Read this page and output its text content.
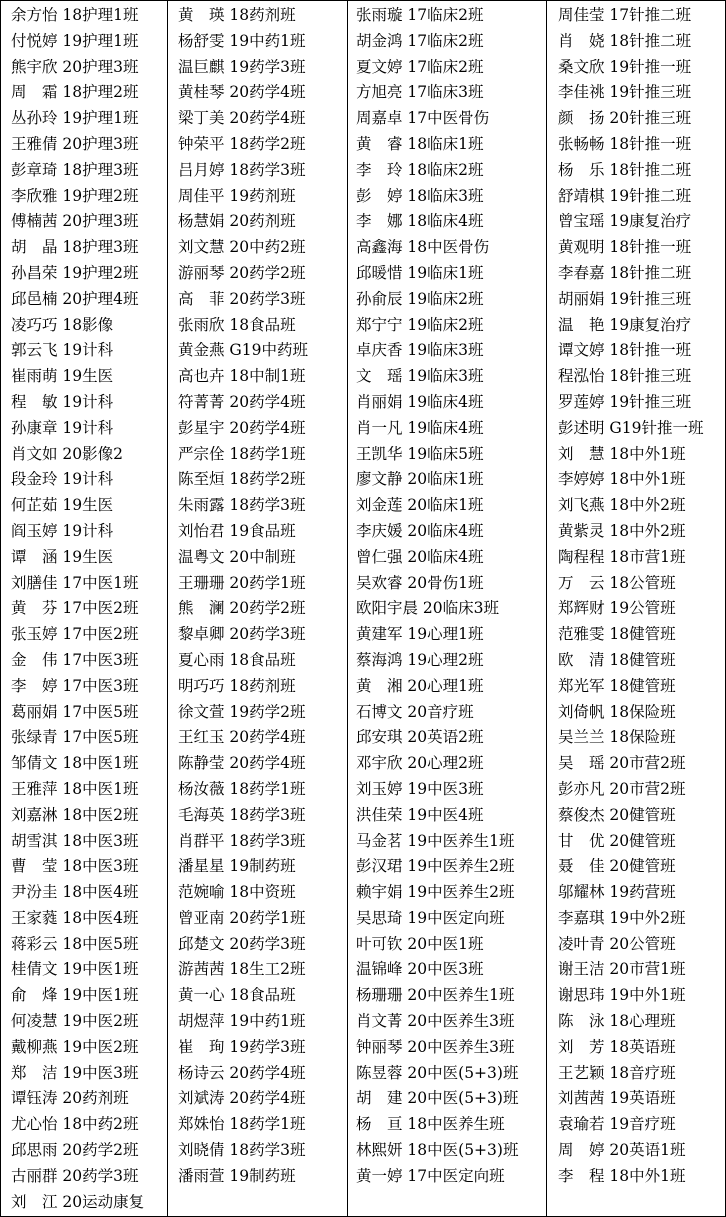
余方怡 18护理1班
付悦婷 19护理1班
熊宇欣 20护理3班
周　霜 18护理2班
丛孙玲 19护理1班
王雅倩 20护理3班
彭章琦 18护理3班
李欣雅 19护理2班
傅楠茜 20护理3班
胡　晶 18护理3班
孙昌荣 19护理2班
邱邑楠 20护理4班
凌巧巧 18影像
郭云飞 19计科
崔雨萌 19生医
程　敏 19计科
孙康章 19计科
肖文如 20影像2
段金玲 19计科
何芷茹 19生医
阎玉婷 19计科
谭　涵 19生医
刘膳佳 17中医1班
黄　芬 17中医2班
张玉婷 17中医2班
金　伟 17中医3班
李　婷 17中医3班
葛丽娟 17中医5班
张绿青 17中医5班
邹倩文 18中医1班
王雅萍 18中医1班
刘嘉淋 18中医2班
胡雪淇 18中医3班
曹　莹 18中医3班
尹汾圭 18中医4班
王家蕤 18中医4班
蒋彩云 18中医5班
桂倩文 19中医1班
俞　烽 19中医1班
何凌慧 19中医2班
戴柳燕 19中医2班
郑　洁 19中医3班
谭钰涛 20药剂班
尤心怡 18中药2班
邱思雨 20药学2班
古丽群 20药学3班
刘　江 20运动康复
黄　瑛 18药剂班
杨舒雯 19中药1班
温巨麒 19药学3班
黄桂琴 20药学4班
梁丁美 20药学4班
钟荣平 18药学2班
吕月婷 18药学3班
周佳平 19药剂班
杨慧娟 20药剂班
刘文慧 20中药2班
游丽琴 20药学2班
高　菲 20药学3班
张雨欣 18食品班
黄金燕 G19中药班
高也卉 18中制1班
符菁菁 20药学4班
彭星宇 20药学4班
严宗佺 18药学1班
陈至烜 18药学2班
朱雨露 18药学3班
刘怡君 19食品班
温粤文 20中制班
王珊珊 20药学1班
熊　澜 20药学2班
黎卓卿 20药学3班
夏心雨 18食品班
明巧巧 18药剂班
徐文萱 19药学2班
王红玉 20药学4班
陈静莹 20药学4班
杨汝薇 18药学1班
毛海英 18药学3班
肖群平 18药学3班
潘星星 19制药班
范婉喻 18中资班
曾亚南 20药学1班
邱楚文 20药学3班
游茜茜 18生工2班
黄一心 18食品班
胡煜萍 19中药1班
崔　珣 19药学3班
杨诗云 20药学4班
刘斌涛 20药学4班
郑姝怡 18药学1班
刘晓倩 18药学3班
潘雨萱 19制药班
张雨璇 17临床2班
胡金鸿 17临床2班
夏文婷 17临床2班
方旭亮 17临床3班
周嘉卓 17中医骨伤
黄　睿 18临床1班
李　玲 18临床2班
彭　婷 18临床3班
李　娜 18临床4班
高鑫海 18中医骨伤
邱暖惜 19临床1班
孙俞辰 19临床2班
郑宁宁 19临床2班
卓庆香 19临床3班
文　瑶 19临床3班
肖丽娟 19临床4班
肖一凡 19临床4班
王凯华 19临床5班
廖文静 20临床1班
刘金莲 20临床1班
李庆媛 20临床4班
曾仁强 20临床4班
吴欢睿 20骨伤1班
欧阳宇晨 20临床3班
黄建军 19心理1班
蔡海鸿 19心理2班
黄　湘 20心理1班
石博文 20音疗班
邱安琪 20英语2班
邓宇欣 20心理2班
刘玉婷 19中医3班
洪佳荣 19中医4班
马金茗 19中医养生1班
彭汉珺 19中医养生2班
赖宇娟 19中医养生2班
吴思琦 19中医定向班
叶可钦 20中医1班
温锦峰 20中医3班
杨珊珊 20中医养生1班
肖文菁 20中医养生3班
钟丽琴 20中医养生3班
陈昱蓉 20中医(5+3)班
胡　建 20中医(5+3)班
杨　亘 18中医养生班
林熙妍 18中医(5+3)班
黄一婷 17中医定向班
周佳莹 17针推二班
肖　娆 18针推二班
桑文欣 19针推一班
李佳祧 19针推三班
颜　扬 20针推三班
张畅畅 18针推一班
杨　乐 18针推二班
舒靖棋 19针推二班
曾宝瑶 19康复治疗
黄观明 18针推一班
李春嘉 18针推二班
胡丽娟 19针推三班
温　艳 19康复治疗
谭文婷 18针推一班
程泓怡 18针推三班
罗莲婷 19针推三班
彭述明 G19针推一班
刘　慧 18中外1班
李婷婷 18中外1班
刘飞燕 18中外2班
黄紫灵 18中外2班
陶程程 18市营1班
万　云 18公管班
郑辉财 19公管班
范雅雯 18健管班
欧　清 18健管班
郑光军 18健管班
刘倚帆 18保险班
吴兰兰 18保险班
吴　瑶 20市营2班
彭亦凡 20市营2班
蔡俊杰 20健管班
甘　优 20健管班
聂　佳 20健管班
邬耀林 19药营班
李嘉琪 19中外2班
凌叶青 20公管班
谢王洁 20市营1班
谢思玮 19中外1班
陈　泳 18心理班
刘　芳 18英语班
王艺颖 18音疗班
刘茜茜 19英语班
袁瑜若 19音疗班
周　婷 20英语1班
李　程 18中外1班
